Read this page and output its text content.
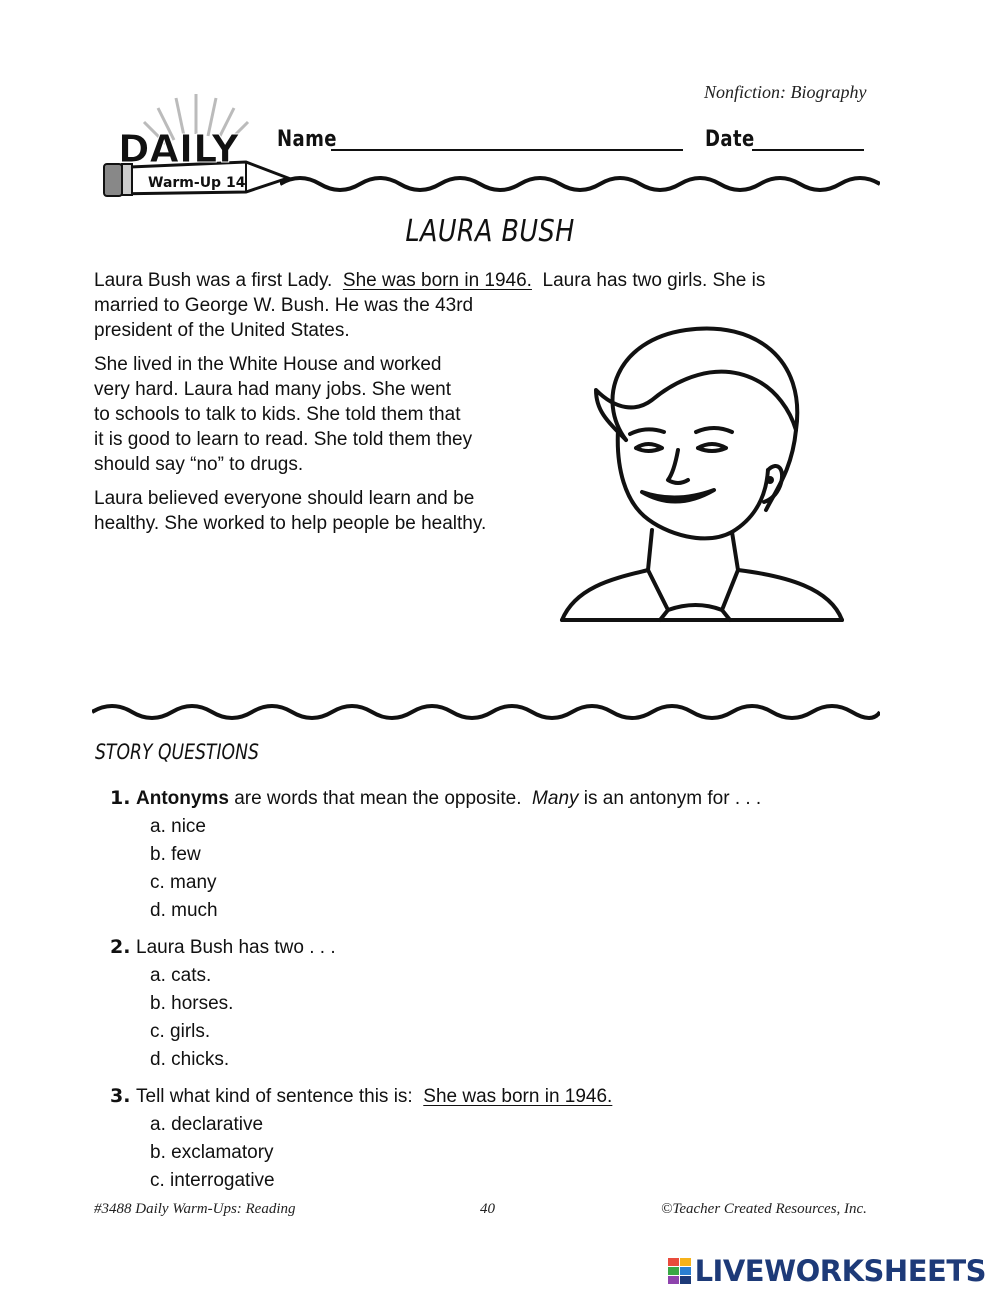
Nonfiction: Biography
DAILY
Warm-Up 14
Name	Date
LAURA BUSH
Laura Bush was a first Lady. She was born in 1946. Laura has two girls. She is
married to George W. Bush. He was the 43rd
president of the United States.
She lived in the White House and worked
very hard. Laura had many jobs. She went
to schools to talk to kids. She told them that
it is good to learn to read. She told them they
should say “no” to drugs.
Laura believed everyone should learn and be
healthy. She worked to help people be healthy.
STORY QUESTIONS
1. Antonyms are words that mean the opposite. Many is an antonym for . . .
a. nice
b. few
c. many
d. much
2. Laura Bush has two . . .
a. cats.
b. horses.
c. girls.
d. chicks.
3. Tell what kind of sentence this is: She was born in 1946.
a. declarative
b. exclamatory
c. interrogative
#3488 Daily Warm-Ups: Reading	40	©Teacher Created Resources, Inc.
LIVEWORKSHEETS
